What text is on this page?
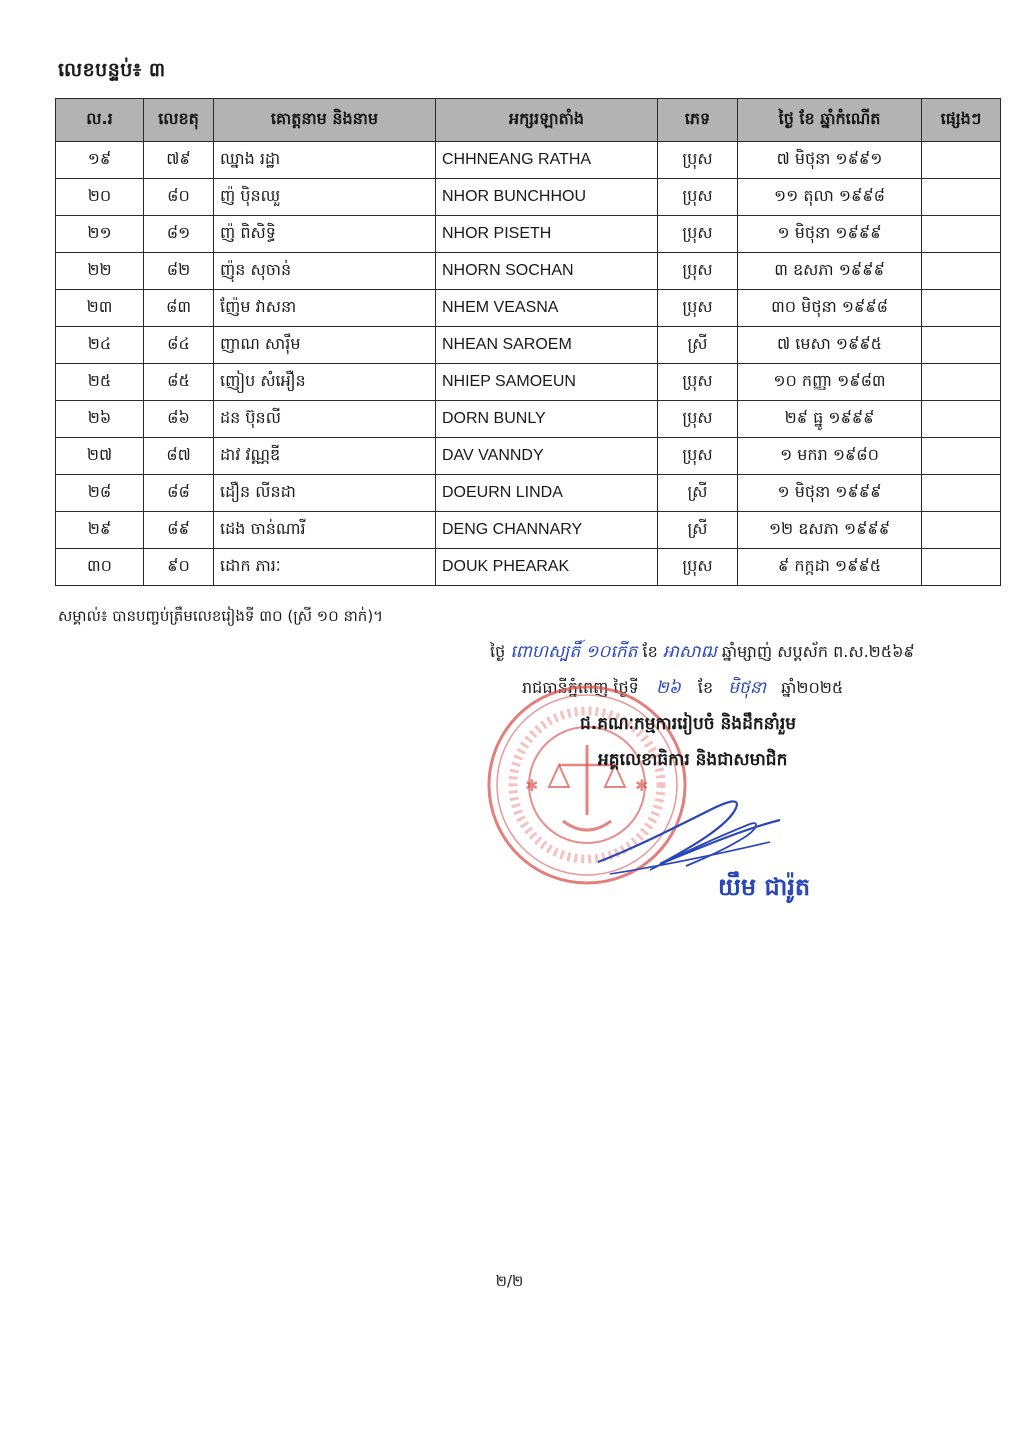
លេខបន្ទប់៖ ៣
ល.រ	លេខតុ	គោត្តនាម និងនាម	អក្សរឡាតាំង	ភេទ	ថ្ងៃ ខែ ឆ្នាំកំណើត	ផ្សេងៗ
១៩	៧៩	ឈ្នាង រដ្ឋា	CHHNEANG RATHA	ប្រុស	៧ មិថុនា ១៩៩១	
២០	៨០	ញ៉ បុិនឈួ	NHOR BUNCHHOU	ប្រុស	១១ តុលា ១៩៩៨	
២១	៨១	ញ៉ ពិសិទ្ធិ	NHOR PISETH	ប្រុស	១ មិថុនា ១៩៩៩	
២២	៨២	ញ៉ុន សុចាន់	NHORN SOCHAN	ប្រុស	៣ ឧសភា ១៩៩៩	
២៣	៨៣	ញ៉ែម វាសនា	NHEM VEASNA	ប្រុស	៣០ មិថុនា ១៩៩៨	
២៤	៨៤	ញាណ សារ៉ឹម	NHEAN SAROEM	ស្រី	៧ មេសា ១៩៩៥	
២៥	៨៥	ញៀប សំអឿន	NHIEP SAMOEUN	ប្រុស	១០ កញ្ញា ១៩៨៣	
២៦	៨៦	ដន ប៊ុនលី	DORN BUNLY	ប្រុស	២៩ ធ្នូ ១៩៩៩	
២៧	៨៧	ដាវ វណ្ណឌី	DAV VANNDY	ប្រុស	១ មករា ១៩៨០	
២៨	៨៨	ដឿន លីនដា	DOEURN LINDA	ស្រី	១ មិថុនា ១៩៩៩	
២៩	៨៩	ដេង ចាន់ណារី	DENG CHANNARY	ស្រី	១២ ឧសភា ១៩៩៩	
៣០	៩០	ដោក ភារៈ	DOUK PHEARAK	ប្រុស	៩ កក្កដា ១៩៩៥	
សម្គាល់៖ បានបញ្ចប់ត្រឹមលេខរៀងទី ៣០ (ស្រី ១០ នាក់)។
ថ្ងៃ ពោហស្បតិ៍ ១០កើត ខែ អាសាឍ ឆ្នាំម្សាញ់ សប្តស័ក ព.ស.២៥៦៩
រាជធានីភ្នំពេញ ថ្ងៃទី ២៦ ខែ មិថុនា ឆ្នាំ២០២៥
✱	✱
ជ.គណៈកម្មការរៀបចំ និងដឹកនាំរួម
អគ្គលេខាធិការ និងជាសមាជិក
យឹម ជារ៉ូត
២/២
